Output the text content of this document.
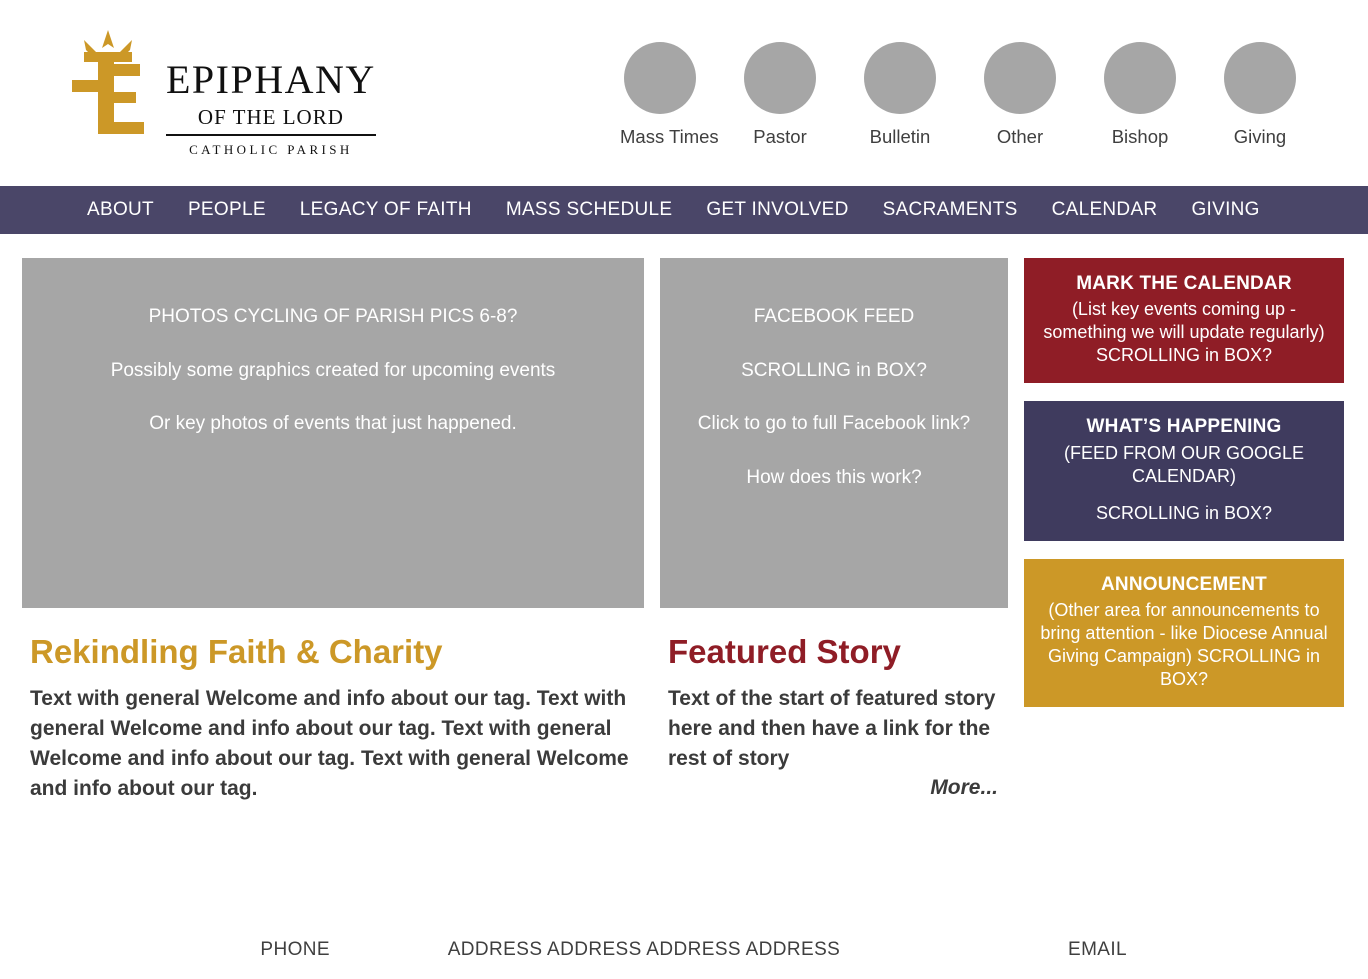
EPIPHANY
OF THE LORD
CATHOLIC PARISH
Mass Times	Pastor	Bulletin	Other	Bishop	Giving
ABOUT	PEOPLE	LEGACY OF FAITH	MASS SCHEDULE	GET INVOLVED	SACRAMENTS	CALENDAR	GIVING
PHOTOS CYCLING OF PARISH PICS 6-8?
Possibly some graphics created for upcoming events
Or key photos of events that just happened.
Rekindling Faith & Charity
Text with general Welcome and info about our tag. Text with general Welcome and info about our tag. Text with general Welcome and info about our tag. Text with general Welcome and info about our tag.
FACEBOOK FEED
SCROLLING in BOX?
Click to go to full Facebook link?
How does this work?
Featured Story
Text of the start of featured story here and then have a link for the rest of story
More...
MARK THE CALENDAR
(List key events coming up - something we will update regularly) SCROLLING in BOX?
WHAT’S HAPPENING
(FEED FROM OUR GOOGLE CALENDAR)
SCROLLING in BOX?
ANNOUNCEMENT
(Other area for announcements to bring attention - like Diocese Annual Giving Campaign) SCROLLING in BOX?
PHONE	ADDRESS ADDRESS ADDRESS ADDRESS	EMAIL
